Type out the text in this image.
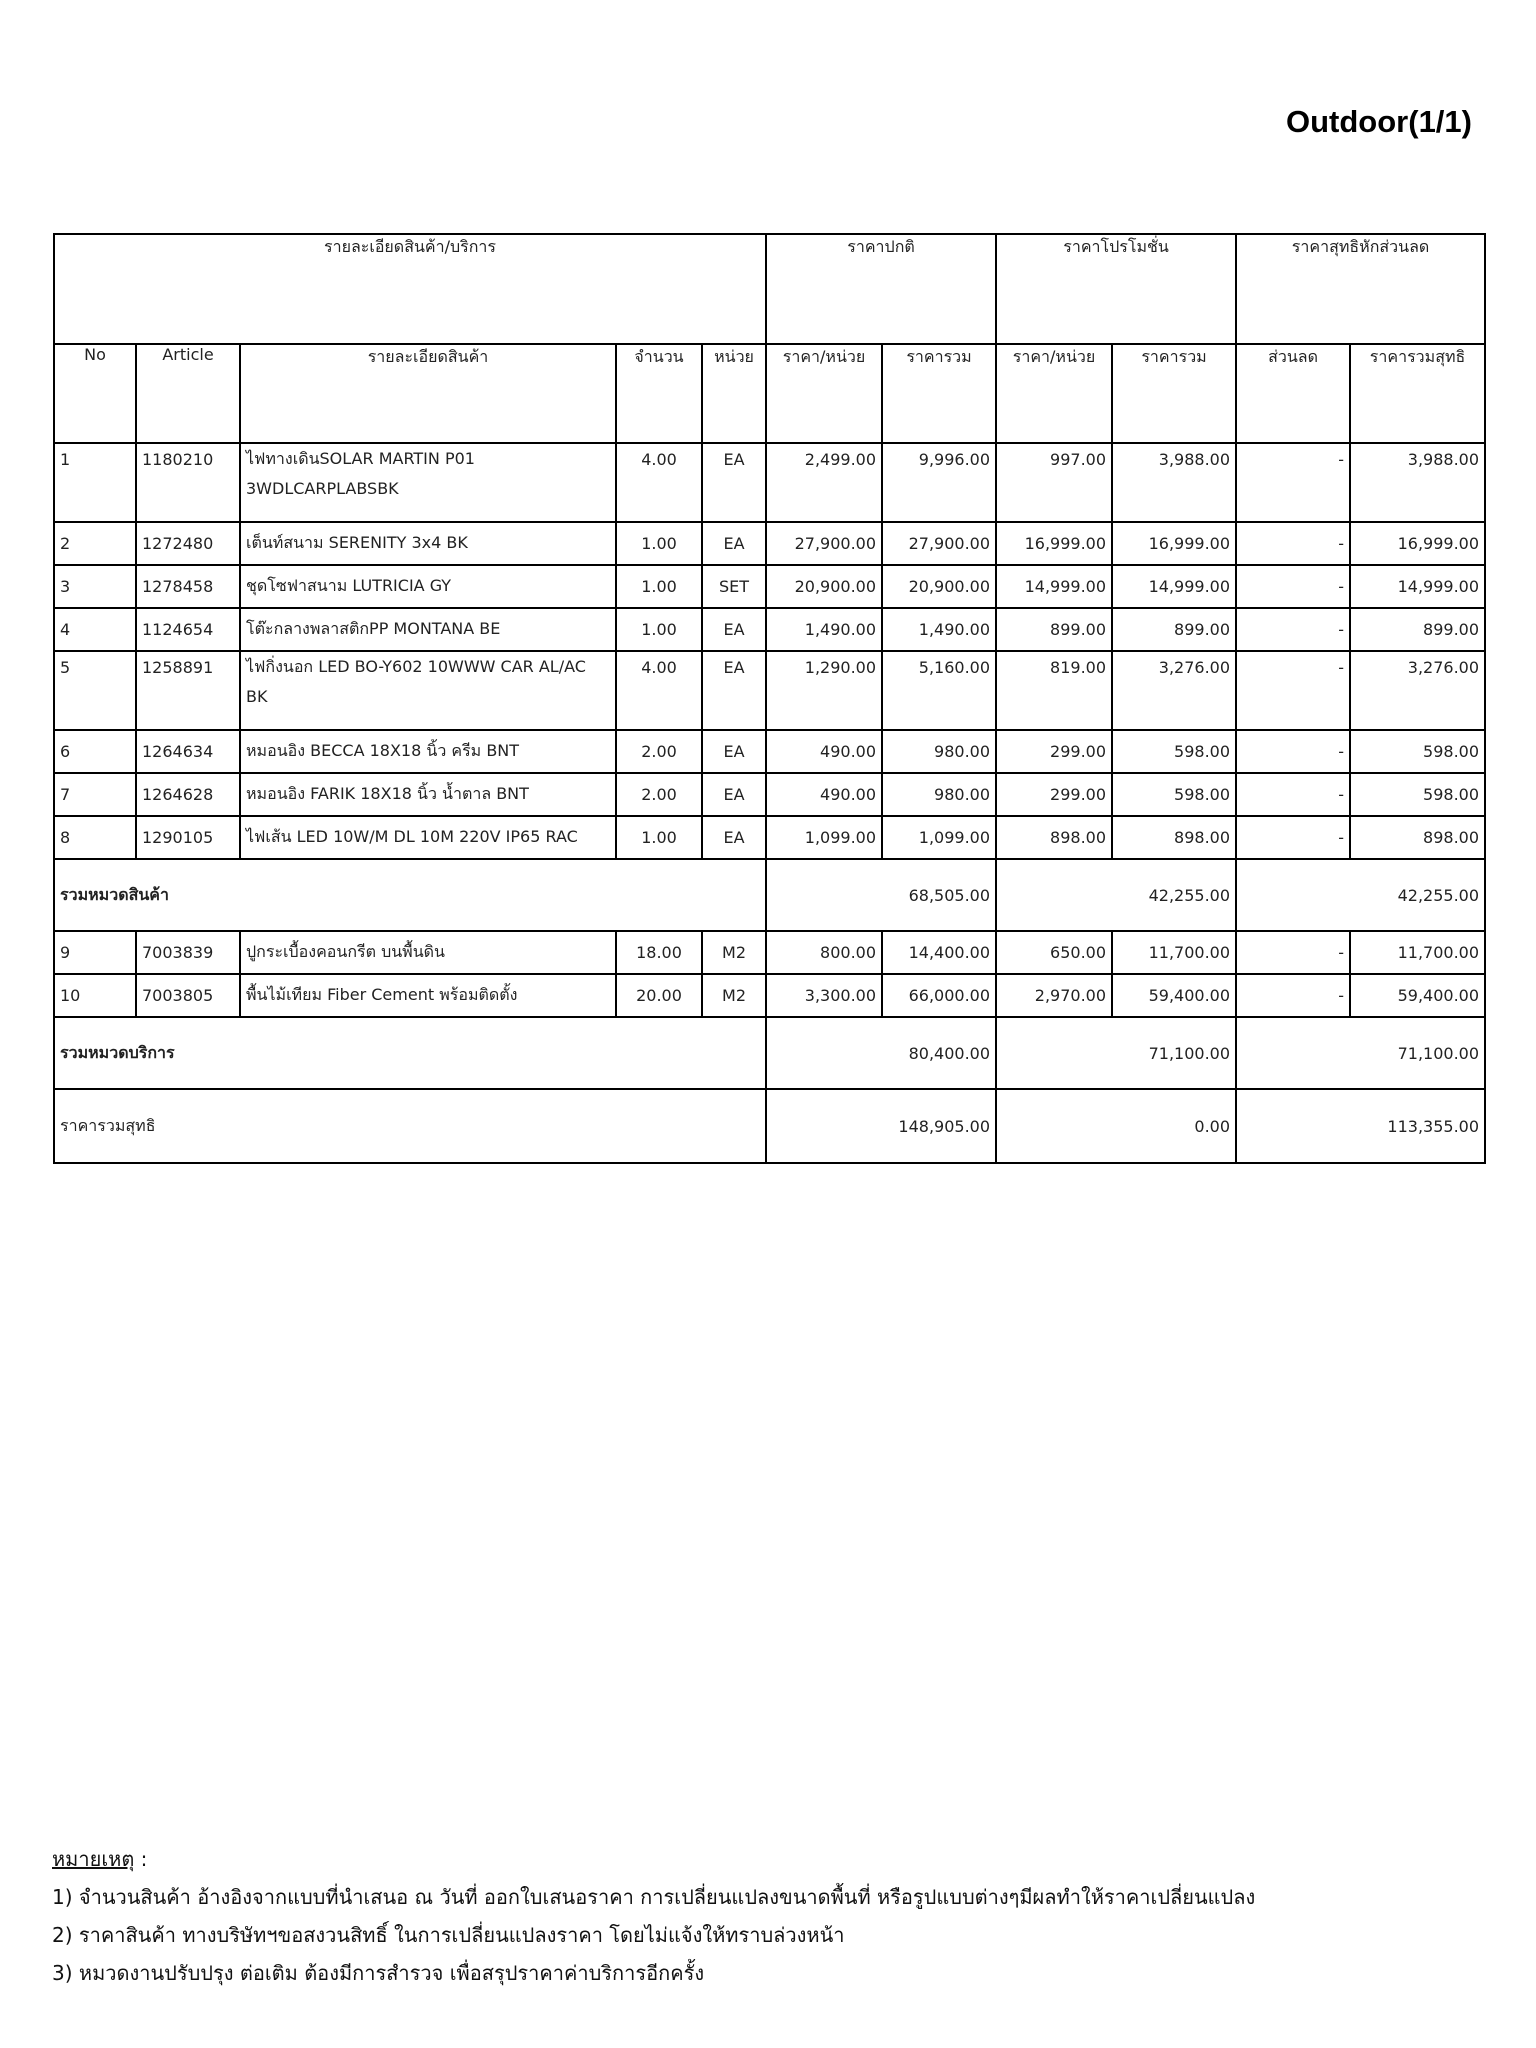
Outdoor(1/1)
รายละเอียดสินค้า/บริการ					ราคาปกติ		ราคาโปรโมชั่น		ราคาสุทธิหักส่วนลด	
No	Article	รายละเอียดสินค้า	จำนวน	หน่วย	ราคา/หน่วย	ราคารวม	ราคา/หน่วย	ราคารวม	ส่วนลด	ราคารวมสุทธิ
1	1180210	ไฟทางเดินSOLAR MARTIN P01 3WDLCARPLABSBK	4.00	EA	2,499.00	9,996.00	997.00	3,988.00	-	3,988.00
2	1272480	เต็นท์สนาม SERENITY 3x4 BK	1.00	EA	27,900.00	27,900.00	16,999.00	16,999.00	-	16,999.00
3	1278458	ชุดโซฟาสนาม LUTRICIA GY	1.00	SET	20,900.00	20,900.00	14,999.00	14,999.00	-	14,999.00
4	1124654	โต๊ะกลางพลาสติกPP MONTANA BE	1.00	EA	1,490.00	1,490.00	899.00	899.00	-	899.00
5	1258891	ไฟกิ่งนอก LED BO-Y602 10WWW CAR AL/AC BK	4.00	EA	1,290.00	5,160.00	819.00	3,276.00	-	3,276.00
6	1264634	หมอนอิง BECCA 18X18 นิ้ว ครีม BNT	2.00	EA	490.00	980.00	299.00	598.00	-	598.00
7	1264628	หมอนอิง FARIK 18X18 นิ้ว น้ำตาล BNT	2.00	EA	490.00	980.00	299.00	598.00	-	598.00
8	1290105	ไฟเส้น LED 10W/M DL 10M 220V IP65 RAC	1.00	EA	1,099.00	1,099.00	898.00	898.00	-	898.00
รวมหมวดสินค้า					68,505.00		42,255.00		42,255.00	
9	7003839	ปูกระเบื้องคอนกรีต บนพื้นดิน	18.00	M2	800.00	14,400.00	650.00	11,700.00	-	11,700.00
10	7003805	พื้นไม้เทียม Fiber Cement พร้อมติดตั้ง	20.00	M2	3,300.00	66,000.00	2,970.00	59,400.00	-	59,400.00
รวมหมวดบริการ					80,400.00		71,100.00		71,100.00	
ราคารวมสุทธิ					148,905.00		0.00		113,355.00	
หมายเหตุ :
1) จำนวนสินค้า อ้างอิงจากแบบที่นำเสนอ ณ วันที่ ออกใบเสนอราคา การเปลี่ยนแปลงขนาดพื้นที่ หรือรูปแบบต่างๆมีผลทำให้ราคาเปลี่ยนแปลง
2) ราคาสินค้า ทางบริษัทฯขอสงวนสิทธิ์ ในการเปลี่ยนแปลงราคา โดยไม่แจ้งให้ทราบล่วงหน้า
3) หมวดงานปรับปรุง ต่อเติม ต้องมีการสำรวจ เพื่อสรุปราคาค่าบริการอีกครั้ง
